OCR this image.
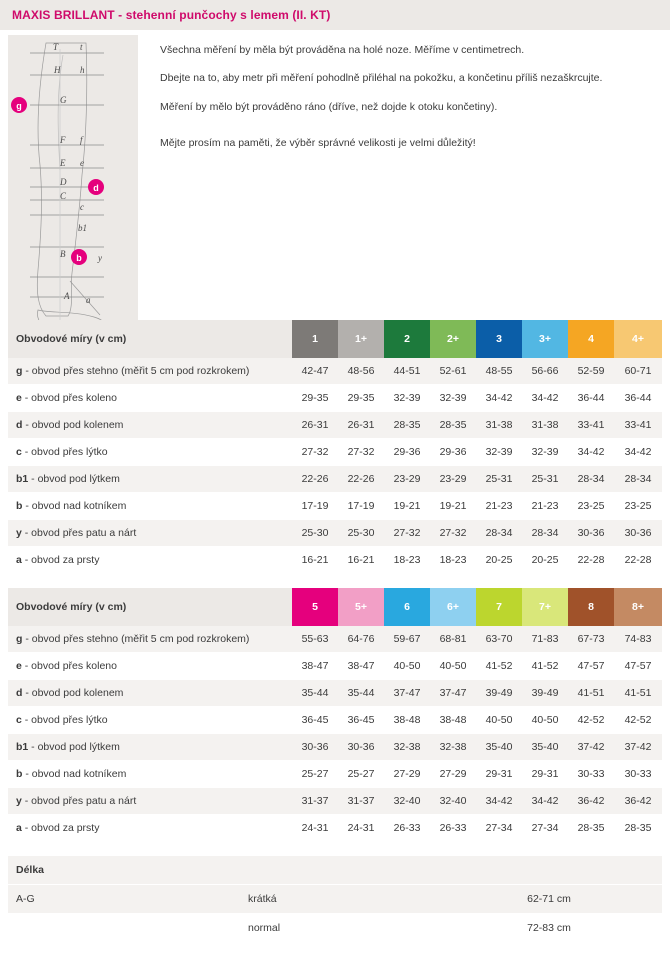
MAXIS BRILLANT - stehenní punčochy s lemem (II. KT)
T t
H h
G
F f
E e
D
C
c
b1
B	y
A a
g
d
b

Všechna měření by měla být prováděna na holé noze. Měříme v centimetrech.

Dbejte na to, aby metr při měření pohodlně přiléhal na pokožku, a končetinu příliš nezaškrcujte.

Měření by mělo být prováděno ráno (dříve, než dojde k otoku končetiny).

Mějte prosím na paměti, že výběr správné velikosti je velmi důležitý!

Obvodové míry (v cm)	1	1+	2	2+	3	3+	4	4+
g - obvod přes stehno (měřit 5 cm pod rozkrokem)	42-47	48-56	44-51	52-61	48-55	56-66	52-59	60-71
e - obvod přes koleno	29-35	29-35	32-39	32-39	34-42	34-42	36-44	36-44
d - obvod pod kolenem	26-31	26-31	28-35	28-35	31-38	31-38	33-41	33-41
c - obvod přes lýtko	27-32	27-32	29-36	29-36	32-39	32-39	34-42	34-42
b1 - obvod pod lýtkem	22-26	22-26	23-29	23-29	25-31	25-31	28-34	28-34
b - obvod nad kotníkem	17-19	17-19	19-21	19-21	21-23	21-23	23-25	23-25
y - obvod přes patu a nárt	25-30	25-30	27-32	27-32	28-34	28-34	30-36	30-36
a - obvod za prsty	16-21	16-21	18-23	18-23	20-25	20-25	22-28	22-28
Obvodové míry (v cm)	5	5+	6	6+	7	7+	8	8+
g - obvod přes stehno (měřit 5 cm pod rozkrokem)	55-63	64-76	59-67	68-81	63-70	71-83	67-73	74-83
e - obvod přes koleno	38-47	38-47	40-50	40-50	41-52	41-52	47-57	47-57
d - obvod pod kolenem	35-44	35-44	37-47	37-47	39-49	39-49	41-51	41-51
c - obvod přes lýtko	36-45	36-45	38-48	38-48	40-50	40-50	42-52	42-52
b1 - obvod pod lýtkem	30-36	30-36	32-38	32-38	35-40	35-40	37-42	37-42
b - obvod nad kotníkem	25-27	25-27	27-29	27-29	29-31	29-31	30-33	30-33
y - obvod přes patu a nárt	31-37	31-37	32-40	32-40	34-42	34-42	36-42	36-42
a - obvod za prsty	24-31	24-31	26-33	26-33	27-34	27-34	28-35	28-35
Délka		
A-G	krátká	62-71 cm
	normal	72-83 cm
